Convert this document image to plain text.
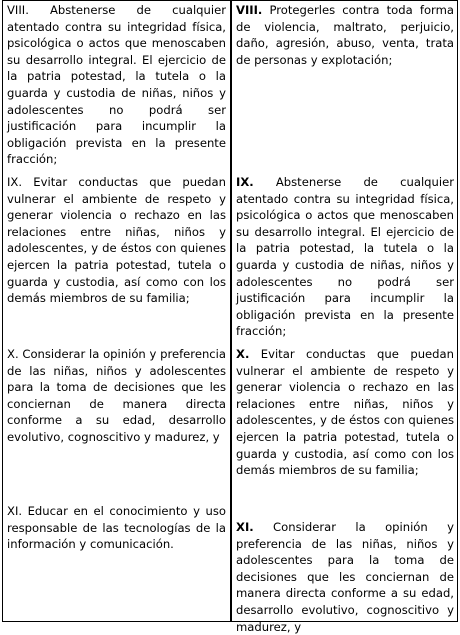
VIII. Abstenerse de cualquier atentado contra su integridad física, psicológica o actos que menoscaben su desarrollo integral. El ejercicio de la patria potestad, la tutela o la guarda y custodia de niñas, niños y adolescentes no podrá ser justificación para incumplir la obligación prevista en la presente fracción;
IX. Evitar conductas que puedan vulnerar el ambiente de respeto y generar violencia o rechazo en las relaciones entre niñas, niños y adolescentes, y de éstos con quienes ejercen la patria potestad, tutela o guarda y custodia, así como con los demás miembros de su familia;
X. Considerar la opinión y preferencia de las niñas, niños y adolescentes para la toma de decisiones que les conciernan de manera directa conforme a su edad, desarrollo evolutivo, cognoscitivo y madurez, y
XI. Educar en el conocimiento y uso responsable de las tecnologías de la información y comunicación.
VIII. Protegerles contra toda forma de violencia, maltrato, perjuicio, daño, agresión, abuso, venta, trata de personas y explotación;
IX. Abstenerse de cualquier atentado contra su integridad física, psicológica o actos que menoscaben su desarrollo integral. El ejercicio de la patria potestad, la tutela o la guarda y custodia de niñas, niños y adolescentes no podrá ser justificación para incumplir la obligación prevista en la presente fracción;
X. Evitar conductas que puedan vulnerar el ambiente de respeto y generar violencia o rechazo en las relaciones entre niñas, niños y adolescentes, y de éstos con quienes ejercen la patria potestad, tutela o guarda y custodia, así como con los demás miembros de su familia;
XI. Considerar la opinión y preferencia de las niñas, niños y adolescentes para la toma de decisiones que les conciernan de manera directa conforme a su edad, desarrollo evolutivo, cognoscitivo y madurez, y
